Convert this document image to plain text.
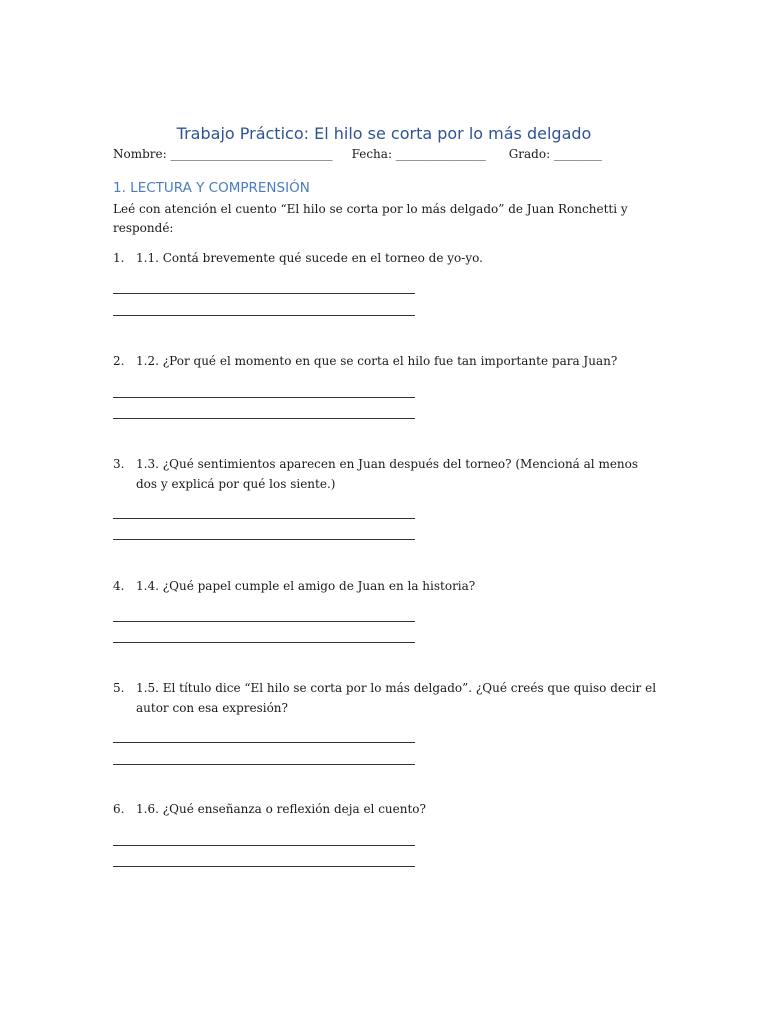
Trabajo Práctico: El hilo se corta por lo más delgado
Nombre: ___________________________ Fecha: _______________ Grado: ________
1. LECTURA Y COMPRENSIÓN
Leé con atención el cuento “El hilo se corta por lo más delgado” de Juan Ronchetti y respondé:
1. 1.1. Contá brevemente qué sucede en el torneo de yo-yo.
2. 1.2. ¿Por qué el momento en que se corta el hilo fue tan importante para Juan?
3. 1.3. ¿Qué sentimientos aparecen en Juan después del torneo? (Mencioná al menos dos y explicá por qué los siente.)
4. 1.4. ¿Qué papel cumple el amigo de Juan en la historia?
5. 1.5. El título dice “El hilo se corta por lo más delgado”. ¿Qué creés que quiso decir el autor con esa expresión?
6. 1.6. ¿Qué enseñanza o reflexión deja el cuento?
